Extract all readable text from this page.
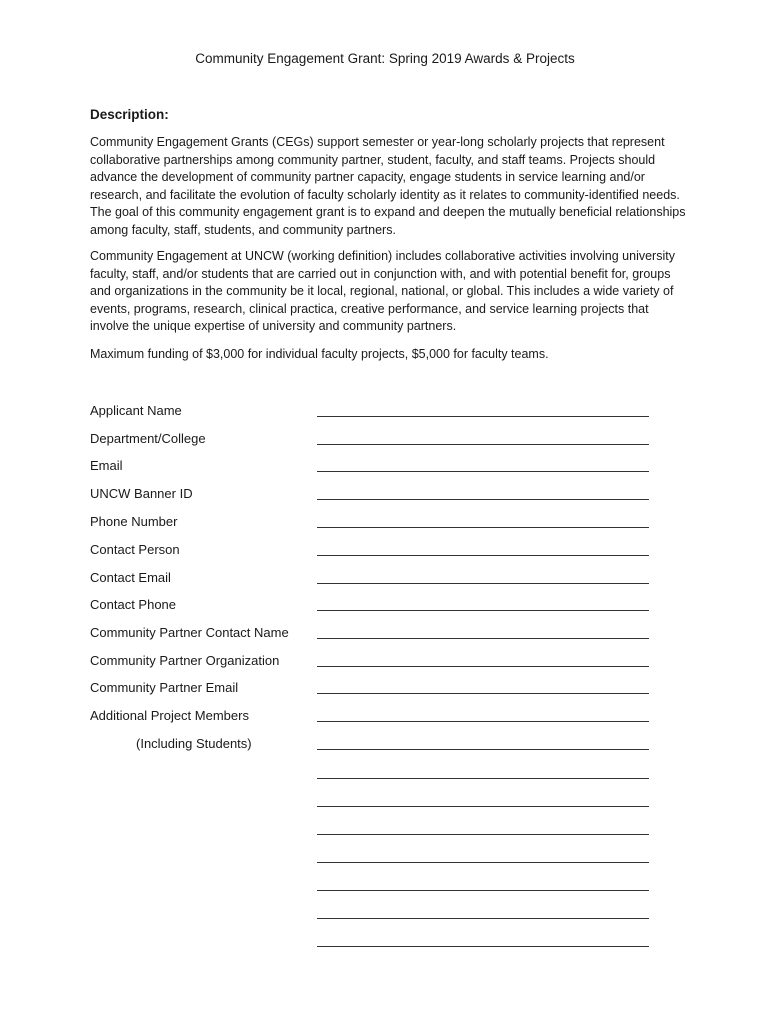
Community Engagement Grant: Spring 2019 Awards & Projects
Description:
Community Engagement Grants (CEGs) support semester or year-long scholarly projects that represent collaborative partnerships among community partner, student, faculty, and staff teams. Projects should advance the development of community partner capacity, engage students in service learning and/or research, and facilitate the evolution of faculty scholarly identity as it relates to community-identified needs. The goal of this community engagement grant is to expand and deepen the mutually beneficial relationships among faculty, staff, students, and community partners.
Community Engagement at UNCW (working definition) includes collaborative activities involving university faculty, staff, and/or students that are carried out in conjunction with, and with potential benefit for, groups and organizations in the community be it local, regional, national, or global. This includes a wide variety of events, programs, research, clinical practica, creative performance, and service learning projects that involve the unique expertise of university and community partners.
Maximum funding of $3,000 for individual faculty projects, $5,000 for faculty teams.
Applicant Name
Department/College
Email
UNCW Banner ID
Phone Number
Contact Person
Contact Email
Contact Phone
Community Partner Contact Name
Community Partner Organization
Community Partner Email
Additional Project Members
(Including Students)
